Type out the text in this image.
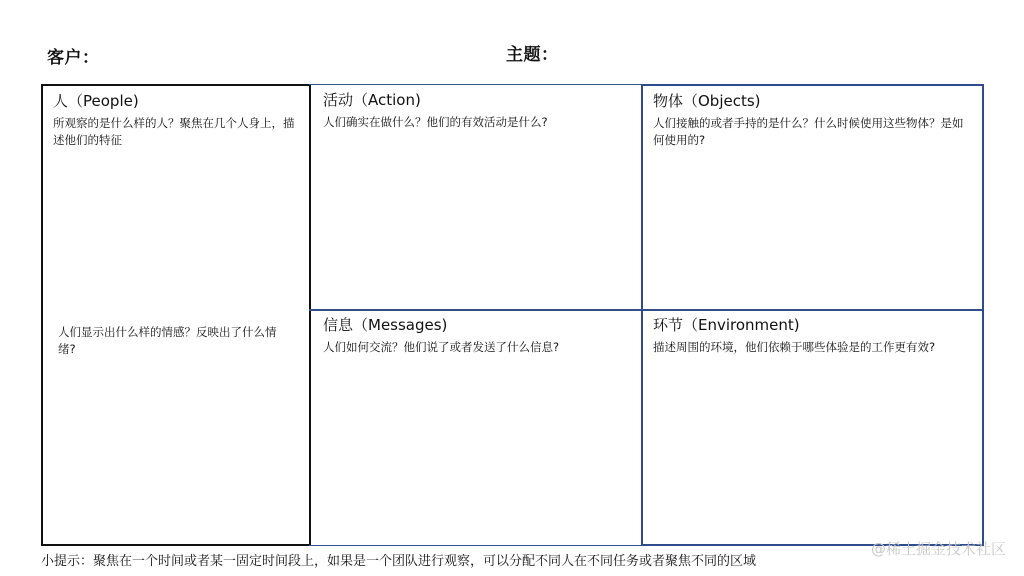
客户：	主题：
人（People)

所观察的是什么样的人？聚焦在几个人身上，描述他们的特征

人们显示出什么样的情感？反映出了什么情绪?

活动（Action)

人们确实在做什么？他们的有效活动是什么?

物体（Objects)

人们接触的或者手持的是什么？什么时候使用这些物体？是如何使用的?

信息（Messages)

人们如何交流？他们说了或者发送了什么信息?

环节（Environment)

描述周围的环境，他们依赖于哪些体验是的工作更有效?

小提示：聚焦在一个时间或者某一固定时间段上，如果是一个团队进行观察，可以分配不同人在不同任务或者聚焦不同的区域
@稀土掘金技术社区
